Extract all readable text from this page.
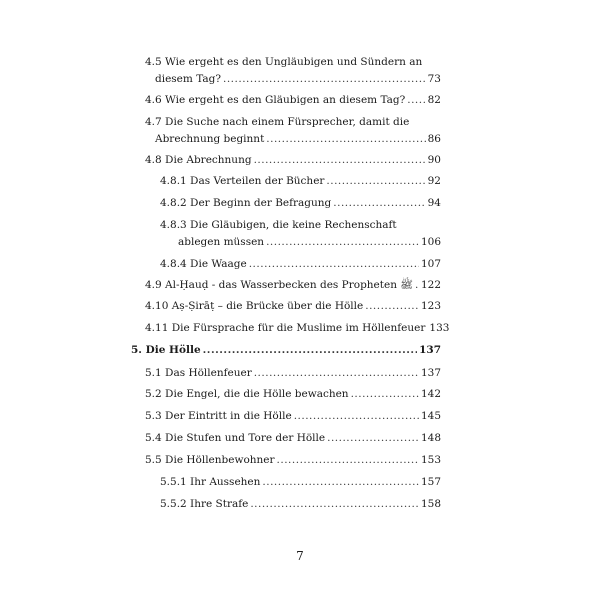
4.5 Wie ergeht es den Ungläubigen und Sündern an
diesem Tag? .....	73
4.6 Wie ergeht es den Gläubigen an diesem Tag? ..... 82
4.7 Die Suche nach einem Fürsprecher, damit die
Abrechnung beginnt .....	86
4.8 Die Abrechnung .....	90
4.8.1 Das Verteilen der Bücher .....	92
4.8.2 Der Beginn der Befragung .....	94
4.8.3 Die Gläubigen, die keine Rechenschaft
ablegen müssen .....	106
4.8.4 Die Waage .....	107
4.9 Al-Ḥauḍ - das Wasserbecken des Propheten ﷺ ..... 122
4.10 Aṣ-Ṣirāṭ – die Brücke über die Hölle .....	123
4.11 Die Fürsprache für die Muslime im Höllenfeuer 133
5. Die Hölle .....	137
5.1 Das Höllenfeuer .....	137
5.2 Die Engel, die die Hölle bewachen .....	142
5.3 Der Eintritt in die Hölle .....	145
5.4 Die Stufen und Tore der Hölle .....	148
5.5 Die Höllenbewohner .....	153
5.5.1 Ihr Aussehen .....	157
5.5.2 Ihre Strafe .....	158
7
